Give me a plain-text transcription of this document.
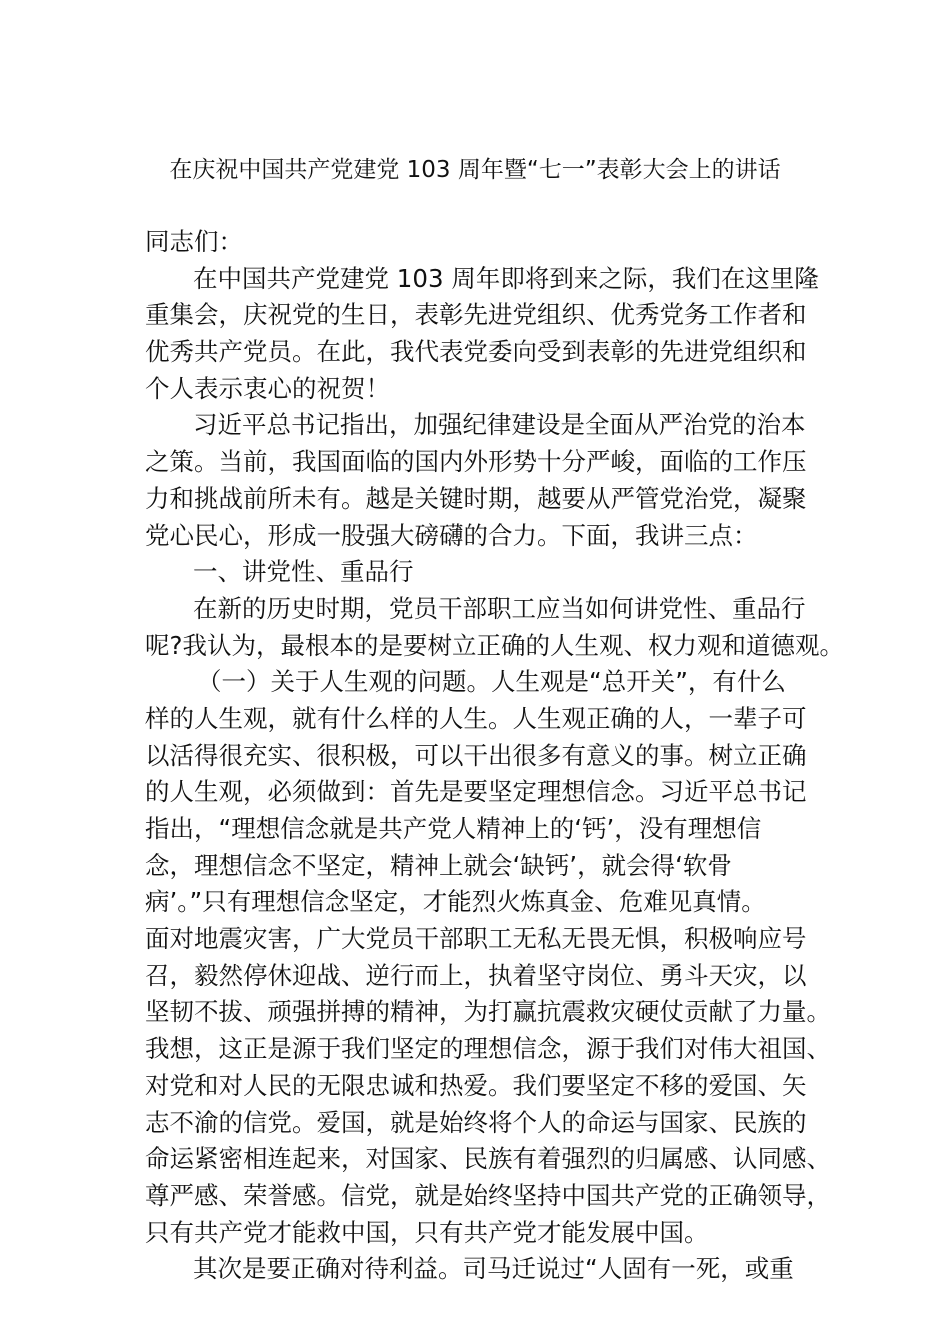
在庆祝中国共产党建党 103 周年暨“七一”表彰大会上的讲话
同志们：
在中国共产党建党 103 周年即将到来之际，我们在这里隆
重集会，庆祝党的生日，表彰先进党组织、优秀党务工作者和
优秀共产党员。在此，我代表党委向受到表彰的先进党组织和
个人表示衷心的祝贺！
习近平总书记指出，加强纪律建设是全面从严治党的治本
之策。当前，我国面临的国内外形势十分严峻，面临的工作压
力和挑战前所未有。越是关键时期，越要从严管党治党，凝聚
党心民心，形成一股强大磅礴的合力。下面，我讲三点：
一、讲党性、重品行
在新的历史时期，党员干部职工应当如何讲党性、重品行
呢?我认为，最根本的是要树立正确的人生观、权力观和道德观。
（一）关于人生观的问题。人生观是“总开关”，有什么
样的人生观，就有什么样的人生。人生观正确的人，一辈子可
以活得很充实、很积极，可以干出很多有意义的事。树立正确
的人生观，必须做到：首先是要坚定理想信念。习近平总书记
指出，“理想信念就是共产党人精神上的‘钙’，没有理想信
念，理想信念不坚定，精神上就会‘缺钙’，就会得‘软骨
病’。”只有理想信念坚定，才能烈火炼真金、危难见真情。
面对地震灾害，广大党员干部职工无私无畏无惧，积极响应号
召，毅然停休迎战、逆行而上，执着坚守岗位、勇斗天灾，以
坚韧不拔、顽强拼搏的精神，为打赢抗震救灾硬仗贡献了力量。
我想，这正是源于我们坚定的理想信念，源于我们对伟大祖国、
对党和对人民的无限忠诚和热爱。我们要坚定不移的爱国、矢
志不渝的信党。爱国，就是始终将个人的命运与国家、民族的
命运紧密相连起来，对国家、民族有着强烈的归属感、认同感、
尊严感、荣誉感。信党，就是始终坚持中国共产党的正确领导，
只有共产党才能救中国，只有共产党才能发展中国。
其次是要正确对待利益。司马迁说过“人固有一死，或重
